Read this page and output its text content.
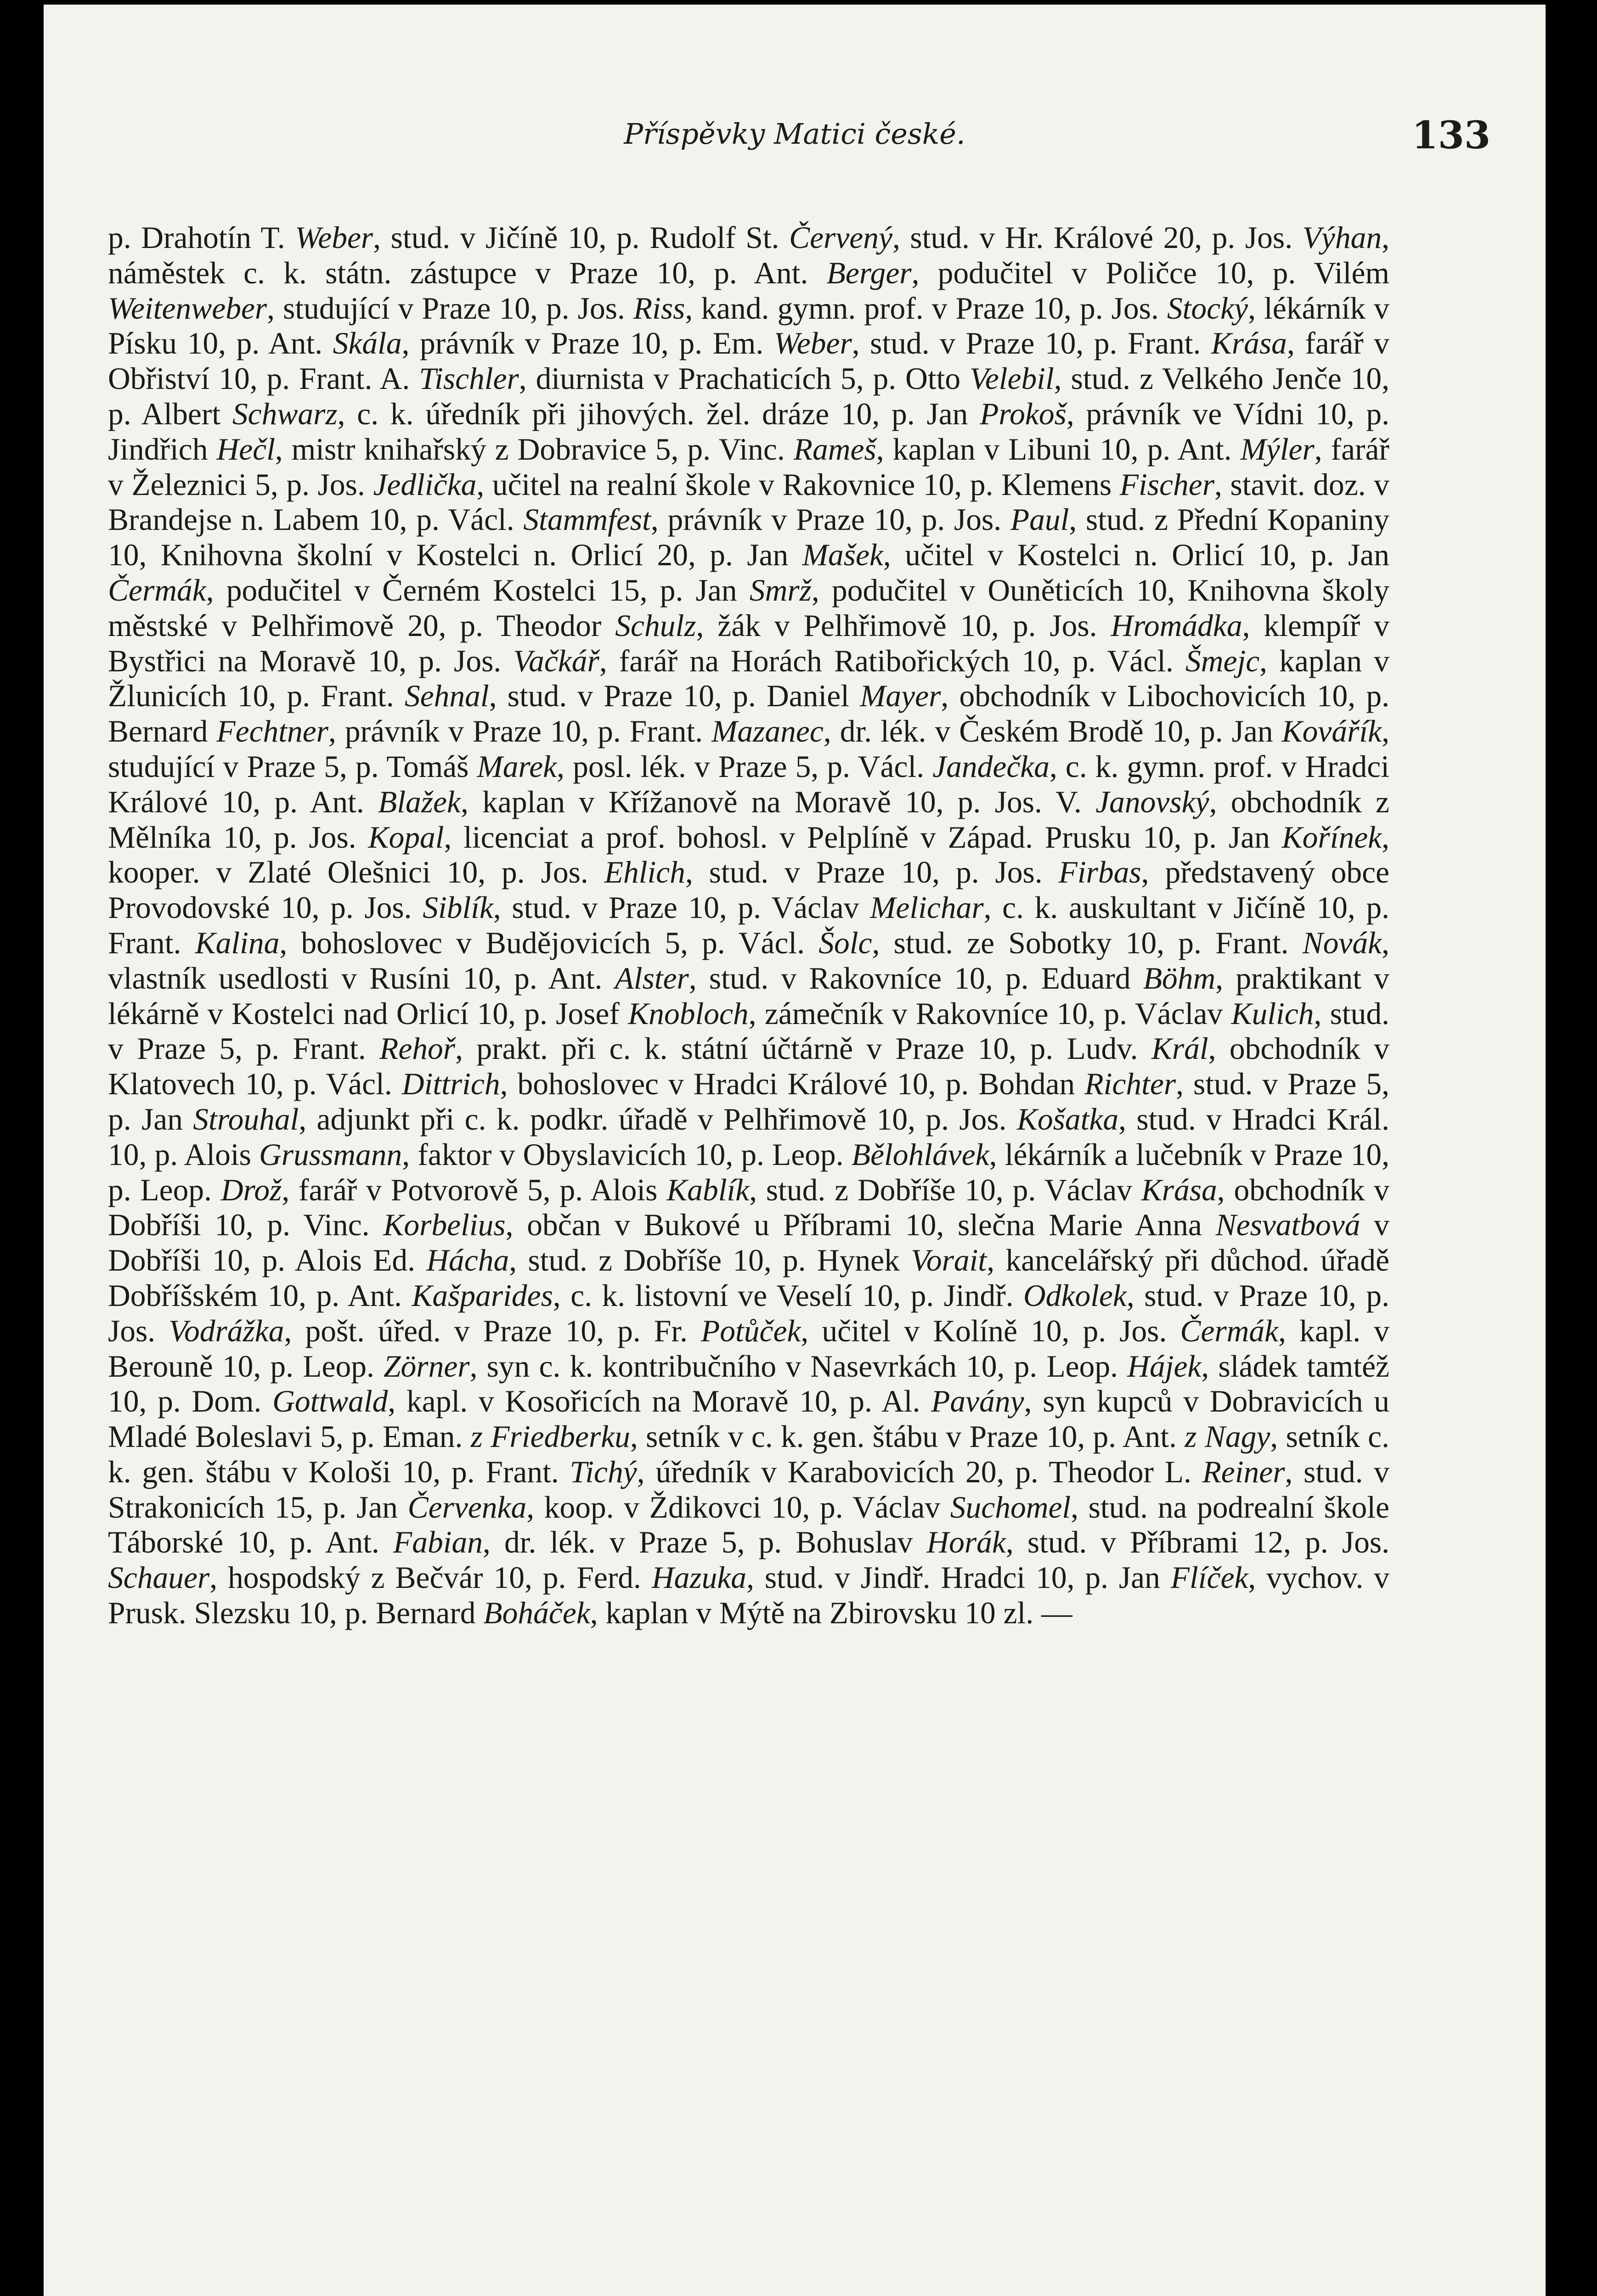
Příspěvky Matici české.	133

p. Drahotín T. Weber, stud. v Jičíně 10, p. Rudolf St. Červený, stud. v Hr. Králové 20, p. Jos. Výhan, náměstek c. k. státn. zástupce v Praze 10, p. Ant. Berger, podučitel v Poličce 10, p. Vilém Weitenweber, studující v Praze 10, p. Jos. Riss, kand. gymn. prof. v Praze 10, p. Jos. Stocký, lékárník v Písku 10, p. Ant. Skála, právník v Praze 10, p. Em. Weber, stud. v Praze 10, p. Frant. Krása, farář v Obřiství 10, p. Frant. A. Tischler, diurnista v Prachaticích 5, p. Otto Velebil, stud. z Velkého Jenče 10, p. Albert Schwarz, c. k. úředník při jihových. žel. dráze 10, p. Jan Prokoš, právník ve Vídni 10, p. Jindřich Hečl, mistr knihařský z Dobravice 5, p. Vinc. Rameš, kaplan v Libuni 10, p. Ant. Mýler, farář v Železnici 5, p. Jos. Jedlička, učitel na realní škole v Rakovnice 10, p. Klemens Fischer, stavit. doz. v Brandejse n. Labem 10, p. Václ. Stammfest, právník v Praze 10, p. Jos. Paul, stud. z Přední Kopaniny 10, Knihovna školní v Kostelci n. Orlicí 20, p. Jan Mašek, učitel v Kostelci n. Orlicí 10, p. Jan Čermák, podučitel v Černém Kostelci 15, p. Jan Smrž, podučitel v Ouněticích 10, Knihovna školy městské v Pelhřimově 20, p. Theodor Schulz, žák v Pelhřimově 10, p. Jos. Hromádka, klempíř v Bystřici na Moravě 10, p. Jos. Vačkář, farář na Horách Ratibořických 10, p. Václ. Šmejc, kaplan v Žlunicích 10, p. Frant. Sehnal, stud. v Praze 10, p. Daniel Mayer, obchodník v Libochovicích 10, p. Bernard Fechtner, právník v Praze 10, p. Frant. Mazanec, dr. lék. v Českém Brodě 10, p. Jan Kovářík, studující v Praze 5, p. Tomáš Marek, posl. lék. v Praze 5, p. Václ. Jandečka, c. k. gymn. prof. v Hradci Králové 10, p. Ant. Blažek, kaplan v Křížanově na Moravě 10, p. Jos. V. Janovský, obchodník z Mělníka 10, p. Jos. Kopal, licenciat a prof. bohosl. v Pelplíně v Západ. Prusku 10, p. Jan Kořínek, kooper. v Zlaté Olešnici 10, p. Jos. Ehlich, stud. v Praze 10, p. Jos. Firbas, představený obce Provodovské 10, p. Jos. Siblík, stud. v Praze 10, p. Václav Melichar, c. k. auskultant v Jičíně 10, p. Frant. Kalina, bohoslovec v Budějovicích 5, p. Václ. Šolc, stud. ze Sobotky 10, p. Frant. Novák, vlastník usedlosti v Rusíni 10, p. Ant. Alster, stud. v Rakovníce 10, p. Eduard Böhm, praktikant v lékárně v Kostelci nad Orlicí 10, p. Josef Knobloch, zámečník v Rakovníce 10, p. Václav Kulich, stud. v Praze 5, p. Frant. Rehoř, prakt. při c. k. státní účtárně v Praze 10, p. Ludv. Král, obchodník v Klatovech 10, p. Václ. Dittrich, bohoslovec v Hradci Králové 10, p. Bohdan Richter, stud. v Praze 5, p. Jan Strouhal, adjunkt při c. k. podkr. úřadě v Pelhřimově 10, p. Jos. Košatka, stud. v Hradci Král. 10, p. Alois Grussmann, faktor v Obyslavicích 10, p. Leop. Bělohlávek, lékárník a lučebník v Praze 10, p. Leop. Drož, farář v Potvorově 5, p. Alois Kablík, stud. z Dobříše 10, p. Václav Krása, obchodník v Dobříši 10, p. Vinc. Korbelius, občan v Bukové u Příbrami 10, slečna Marie Anna Nesvatbová v Dobříši 10, p. Alois Ed. Hácha, stud. z Dobříše 10, p. Hynek Vorait, kancelářský při důchod. úřadě Dobříšském 10, p. Ant. Kašparides, c. k. listovní ve Veselí 10, p. Jindř. Odkolek, stud. v Praze 10, p. Jos. Vodrážka, pošt. úřed. v Praze 10, p. Fr. Potůček, učitel v Kolíně 10, p. Jos. Čermák, kapl. v Berouně 10, p. Leop. Zörner, syn c. k. kontribučního v Nasevrkách 10, p. Leop. Hájek, sládek tamtéž 10, p. Dom. Gottwald, kapl. v Kosořicích na Moravě 10, p. Al. Pavány, syn kupců v Dobravicích u Mladé Boleslavi 5, p. Eman. z Friedberku, setník v c. k. gen. štábu v Praze 10, p. Ant. z Nagy, setník c. k. gen. štábu v Kološi 10, p. Frant. Tichý, úředník v Karabovicích 20, p. Theodor L. Reiner, stud. v Strakonicích 15, p. Jan Červenka, koop. v Ždikovci 10, p. Václav Suchomel, stud. na podrealní škole Táborské 10, p. Ant. Fabian, dr. lék. v Praze 5, p. Bohuslav Horák, stud. v Příbrami 12, p. Jos. Schauer, hospodský z Bečvár 10, p. Ferd. Hazuka, stud. v Jindř. Hradci 10, p. Jan Flíček, vychov. v Prusk. Slezsku 10, p. Bernard Boháček, kaplan v Mýtě na Zbirovsku 10 zl. —
